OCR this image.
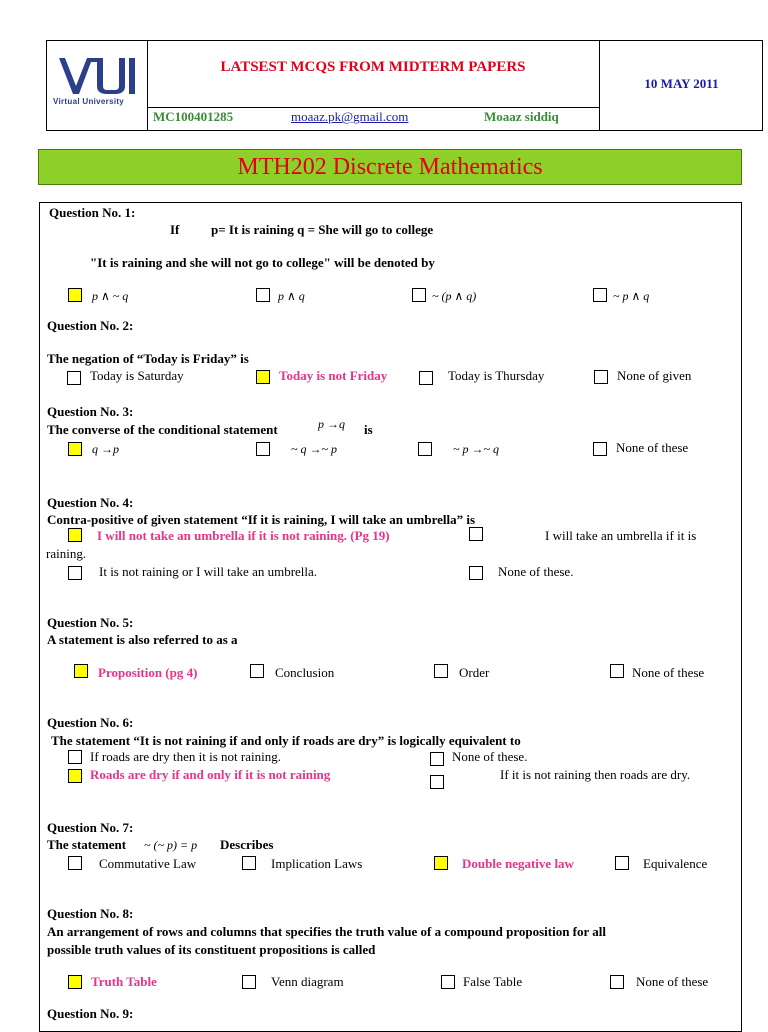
Virtual University
LATSEST MCQS FROM MIDTERM PAPERS
10 MAY 2011
MC100401285	moaaz.pk@gmail.com	Moaaz siddiq
MTH202 Discrete Mathematics
Question No. 1:
If p= It is raining q = She will go to college
"It is raining and she will not go to college" will be denoted by
p ∧ ~ q	p ∧ q	~ (p ∧ q)	~ p ∧ q
Question No. 2:
The negation of “Today is Friday” is
Today is Saturday	Today is not Friday	Today is Thursday	None of given
Question No. 3:
The converse of the conditional statement	p →q is
q →p	~ q →~ p	~ p →~ q	None of these
Question No. 4:
Contra-positive of given statement “If it is raining, I will take an umbrella” is
I will not take an umbrella if it is not raining. (Pg 19)	I will take an umbrella if it is
raining.
It is not raining or I will take an umbrella.	None of these.
Question No. 5:
A statement is also referred to as a
Proposition (pg 4)	Conclusion	Order	None of these
Question No. 6:
The statement “It is not raining if and only if roads are dry” is logically equivalent to
If roads are dry then it is not raining.	None of these.
Roads are dry if and only if it is not raining	If it is not raining then roads are dry.
Question No. 7:
The statement ~ (~ p) = p Describes
Commutative Law	Implication Laws	Double negative law	Equivalence
Question No. 8:
An arrangement of rows and columns that specifies the truth value of a compound proposition for all
possible truth values of its constituent propositions is called
Truth Table	Venn diagram	False Table	None of these
Question No. 9:
